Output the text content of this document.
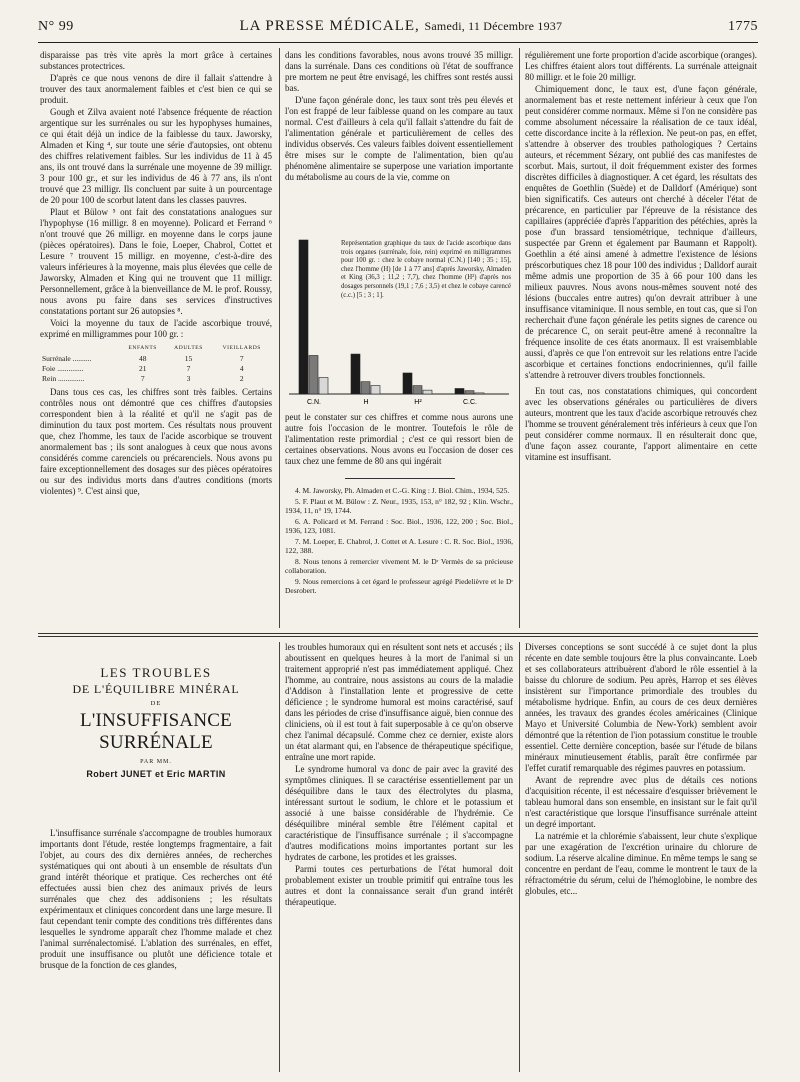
N° 99	LA PRESSE MÉDICALE, Samedi, 11 Décembre 1937	1775

disparaisse pas très vite après la mort grâce à certaines substances protectrices.

D'après ce que nous venons de dire il fallait s'attendre à trouver des taux anormalement faibles et c'est bien ce qui se produit.

Gough et Zilva avaient noté l'absence fréquente de réaction argentique sur les surrénales ou sur les hypophyses humaines, ce qui était déjà un indice de la faiblesse du taux. Jaworsky, Almaden et King ⁴, sur toute une série d'autopsies, ont obtenu des chiffres relativement faibles. Sur les individus de 11 à 45 ans, ils ont trouvé dans la surrénale une moyenne de 39 milligr. 3 pour 100 gr., et sur les individus de 46 à 77 ans, ils n'ont trouvé que 23 milligr. Ils concluent par suite à un pourcentage de 20 pour 100 de scorbut latent dans les classes pauvres.

Plaut et Bülow ⁵ ont fait des constatations analogues sur l'hypophyse (16 milligr. 8 en moyenne). Policard et Ferrand ⁶ n'ont trouvé que 26 milligr. en moyenne dans le corps jaune (pièces opératoires). Dans le foie, Loeper, Chabrol, Cottet et Lesure ⁷ trouvent 15 milligr. en moyenne, c'est-à-dire des valeurs inférieures à la moyenne, mais plus élevées que celle de Jaworsky, Almaden et King qui ne trouvent que 11 milligr. Personnellement, grâce à la bienveillance de M. le prof. Roussy, nous avons pu faire dans ses services d'instructives constatations portant sur 26 autopsies ⁸.

Voici la moyenne du taux de l'acide ascorbique trouvé, exprimé en milligrammes pour 100 gr. :

	ENFANTS	ADULTES	VIEILLARDS
Surrénale ..........	48	15	7
Foie ..............	21	7	4
Rein ..............	7	3	2

Dans tous ces cas, les chiffres sont très faibles. Certains contrôles nous ont démontré que ces chiffres d'autopsies correspondent bien à la réalité et qu'il ne s'agit pas de diminution du taux post mortem. Ces résultats nous prouvent que, chez l'homme, les taux de l'acide ascorbique se trouvent anormalement bas ; ils sont analogues à ceux que nous avons considérés comme carenciels ou précarenciels. Nous avons pu faire exceptionnellement des dosages sur des pièces opératoires ou sur des individus morts dans d'autres conditions (morts violentes) ⁹. C'est ainsi que,

dans les conditions favorables, nous avons trouvé 35 milligr. dans la surrénale. Dans ces conditions où l'état de souffrance pre mortem ne peut être envisagé, les chiffres sont restés aussi bas.

D'une façon générale donc, les taux sont très peu élevés et l'on est frappé de leur faiblesse quand on les compare au taux normal. C'est d'ailleurs à cela qu'il fallait s'attendre du fait de l'alimentation générale et particulièrement de celles des individus observés. Ces valeurs faibles doivent essentiellement être mises sur le compte de l'alimentation, bien qu'au phénomène alimentaire se superpose une variation importante du métabolisme au cours de la vie, comme on

C.N.	H	H²	C.C.
Représentation graphique du taux de l'acide ascorbique dans trois organes (surrénale, foie, rein) exprimé en milligrammes pour 100 gr. : chez le cobaye normal (C.N.) [140 ; 35 ; 15], chez l'homme (H) [de 1 à 77 ans] d'après Jaworsky, Almaden et King (36,3 ; 11,2 ; 7,7), chez l'homme (H²) d'après nos dosages personnels (19,1 ; 7,6 ; 3,5) et chez le cobaye carencé (c.c.) [5 ; 3 ; 1].

peut le constater sur ces chiffres et comme nous aurons une autre fois l'occasion de le montrer. Toutefois le rôle de l'alimentation reste primordial ; c'est ce qui ressort bien de certaines observations. Nous avons eu l'occasion de doser ces taux chez une femme de 80 ans qui ingérait

4. M. Jaworsky, Ph. Almaden et C.-G. King : J. Biol. Chim., 1934, 525.

5. F. Plaut et M. Bülow : Z. Neur., 1935, 153, n° 182, 92 ; Klin. Wschr., 1934, 11, n° 19, 1744.

6. A. Policard et M. Ferrand : Soc. Biol., 1936, 122, 200 ; Soc. Biol., 1936, 123, 1081.

7. M. Loeper, E. Chabrol, J. Cottet et A. Lesure : C. R. Soc. Biol., 1936, 122, 388.

8. Nous tenons à remercier vivement M. le Dʳ Vermès de sa précieuse collaboration.

9. Nous remercions à cet égard le professeur agrégé Piedelièvre et le Dʳ Desrobert.

régulièrement une forte proportion d'acide ascorbique (oranges). Les chiffres étaient alors tout différents. La surrénale atteignait 80 milligr. et le foie 20 milligr.

Chimiquement donc, le taux est, d'une façon générale, anormalement bas et reste nettement inférieur à ceux que l'on peut considérer comme normaux. Même si l'on ne considère pas comme absolument nécessaire la réalisation de ce taux idéal, cette discordance incite à la réflexion. Ne peut-on pas, en effet, s'attendre à observer des troubles pathologiques ? Certains auteurs, et récemment Sézary, ont publié des cas manifestes de scorbut. Mais, surtout, il doit fréquemment exister des formes discrètes difficiles à diagnostiquer. A cet égard, les résultats des enquêtes de Goethlin (Suède) et de Dalldorf (Amérique) sont bien significatifs. Ces auteurs ont cherché à déceler l'état de précarence, en particulier par l'épreuve de la résistance des capillaires (appréciée d'après l'apparition des pétéchies, après la pose d'un brassard tensiométrique, technique d'ailleurs, suspectée par Grenn et également par Baumann et Rappolt). Goethlin a été ainsi amené à admettre l'existence de lésions préscorbutiques chez 18 pour 100 des individus ; Dalldorf aurait même admis une proportion de 35 à 66 pour 100 dans les milieux pauvres. Nous avons nous-mêmes souvent noté des lésions (buccales entre autres) qu'on devrait attribuer à une insuffisance vitaminique. Il nous semble, en tout cas, que si l'on recherchait d'une façon générale les petits signes de carence ou de précarence C, on serait peut-être amené à reconnaître la fréquence insolite de ces états anormaux. Il est vraisemblable aussi, d'après ce que l'on entrevoit sur les relations entre l'acide ascorbique et certaines fonctions endocriniennes, qu'il faille s'attendre à retrouver divers troubles fonctionnels.

En tout cas, nos constatations chimiques, qui concordent avec les observations générales ou particulières de divers auteurs, montrent que les taux d'acide ascorbique retrouvés chez l'homme se trouvent généralement très inférieurs à ceux que l'on peut considérer comme normaux. Il en résulterait donc que, d'une façon assez courante, l'apport alimentaire en cette vitamine est insuffisant.

LES TROUBLES
DE L'ÉQUILIBRE MINÉRAL
DE
L'INSUFFISANCE SURRÉNALE
PAR MM.
Robert JUNET et Eric MARTIN

L'insuffisance surrénale s'accompagne de troubles humoraux importants dont l'étude, restée longtemps fragmentaire, a fait l'objet, au cours des dix dernières années, de recherches systématiques qui ont abouti à un ensemble de résultats d'un grand intérêt théorique et pratique. Ces recherches ont été effectuées aussi bien chez des animaux privés de leurs surrénales que chez des addisoniens ; les résultats expérimentaux et cliniques concordent dans une large mesure. Il faut cependant tenir compte des conditions très différentes dans lesquelles le syndrome apparaît chez l'homme malade et chez l'animal surrénalectomisé. L'ablation des surrénales, en effet, produit une insuffisance ou plutôt une déficience totale et brusque de la fonction de ces glandes,

les troubles humoraux qui en résultent sont nets et accusés ; ils aboutissent en quelques heures à la mort de l'animal si un traitement approprié n'est pas immédiatement appliqué. Chez l'homme, au contraire, nous assistons au cours de la maladie d'Addison à l'installation lente et progressive de cette déficience ; le syndrome humoral est moins caractérisé, sauf dans les périodes de crise d'insuffisance aiguë, bien connue des cliniciens, où il est tout à fait superposable à ce qu'on observe chez l'animal décapsulé. Comme chez ce dernier, existe alors un état alarmant qui, en l'absence de thérapeutique spécifique, entraîne une mort rapide.

Le syndrome humoral va donc de pair avec la gravité des symptômes cliniques. Il se caractérise essentiellement par un déséquilibre dans le taux des électrolytes du plasma, intéressant surtout le sodium, le chlore et le potassium et associé à une baisse considérable de l'hydrémie. Ce déséquilibre minéral semble être l'élément capital et caractéristique de l'insuffisance surrénale ; il s'accompagne d'autres modifications moins importantes portant sur les hydrates de carbone, les protides et les graisses.

Parmi toutes ces perturbations de l'état humoral doit probablement exister un trouble primitif qui entraîne tous les autres et dont la connaissance serait d'un grand intérêt thérapeutique.

Diverses conceptions se sont succédé à ce sujet dont la plus récente en date semble toujours être la plus convaincante. Loeb et ses collaborateurs attribuèrent d'abord le rôle essentiel à la baisse du chlorure de sodium. Peu après, Harrop et ses élèves insistèrent sur l'importance primordiale des troubles du métabolisme hydrique. Enfin, au cours de ces deux dernières années, les travaux des grandes écoles américaines (Clinique Mayo et Université Columbia de New-York) semblent avoir démontré que la rétention de l'ion potassium constitue le trouble essentiel. Cette dernière conception, basée sur l'étude de bilans minéraux minutieusement établis, paraît être confirmée par l'effet curatif remarquable des régimes pauvres en potassium.

Avant de reprendre avec plus de détails ces notions d'acquisition récente, il est nécessaire d'esquisser brièvement le tableau humoral dans son ensemble, en insistant sur le fait qu'il n'est caractéristique que lorsque l'insuffisance surrénale atteint un degré important.

La natrémie et la chlorémie s'abaissent, leur chute s'explique par une exagération de l'excrétion urinaire du chlorure de sodium. La réserve alcaline diminue. En même temps le sang se concentre en perdant de l'eau, comme le montrent le taux de la réfractométrie du sérum, celui de l'hémoglobine, le nombre des globules, etc...
